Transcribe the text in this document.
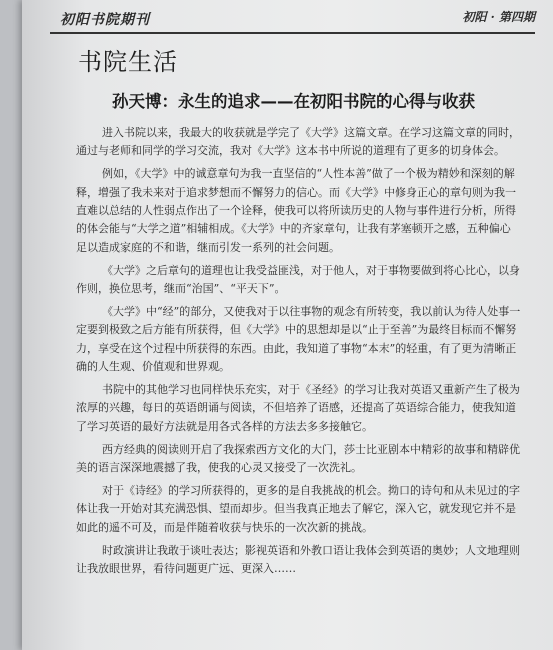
初阳书院期刊	初阳 · 第四期
书院生活
孙天博：永生的追求——在初阳书院的心得与收获
进入书院以来，我最大的收获就是学完了《大学》这篇文章。在学习这篇文章的同时，
通过与老师和同学的学习交流，我对《大学》这本书中所说的道理有了更多的切身体会。
例如，《大学》中的诚意章句为我一直坚信的“人性本善”做了一个极为精妙和深刻的解
释，增强了我未来对于追求梦想而不懈努力的信心。而《大学》中修身正心的章句则为我一
直难以总结的人性弱点作出了一个诠释，使我可以将所读历史的人物与事件进行分析，所得
的体会能与“大学之道”相辅相成。《大学》中的齐家章句，让我有茅塞顿开之感，五种偏心
足以造成家庭的不和谐，继而引发一系列的社会问题。
《大学》之后章句的道理也让我受益匪浅，对于他人，对于事物要做到将心比心，以身
作则，换位思考，继而“治国”、“平天下”。
《大学》中“经”的部分，又使我对于以往事物的观念有所转变，我以前认为待人处事一
定要到极致之后方能有所获得，但《大学》中的思想却是以“止于至善”为最终目标而不懈努
力，享受在这个过程中所获得的东西。由此，我知道了事物“本末”的轻重，有了更为清晰正
确的人生观、价值观和世界观。
书院中的其他学习也同样快乐充实，对于《圣经》的学习让我对英语又重新产生了极为
浓厚的兴趣，每日的英语朗诵与阅读，不但培养了语感，还提高了英语综合能力，使我知道
了学习英语的最好方法就是用各式各样的方法去多多接触它。
西方经典的阅读则开启了我探索西方文化的大门，莎士比亚剧本中精彩的故事和精辟优
美的语言深深地震撼了我，使我的心灵又接受了一次洗礼。
对于《诗经》的学习所获得的，更多的是自我挑战的机会。拗口的诗句和从未见过的字
体让我一开始对其充满恐惧、望而却步。但当我真正地去了解它，深入它，就发现它并不是
如此的遥不可及，而是伴随着收获与快乐的一次次新的挑战。
时政演讲让我敢于谈吐表达；影视英语和外教口语让我体会到英语的奥妙；人文地理则
让我放眼世界，看待问题更广远、更深入……
